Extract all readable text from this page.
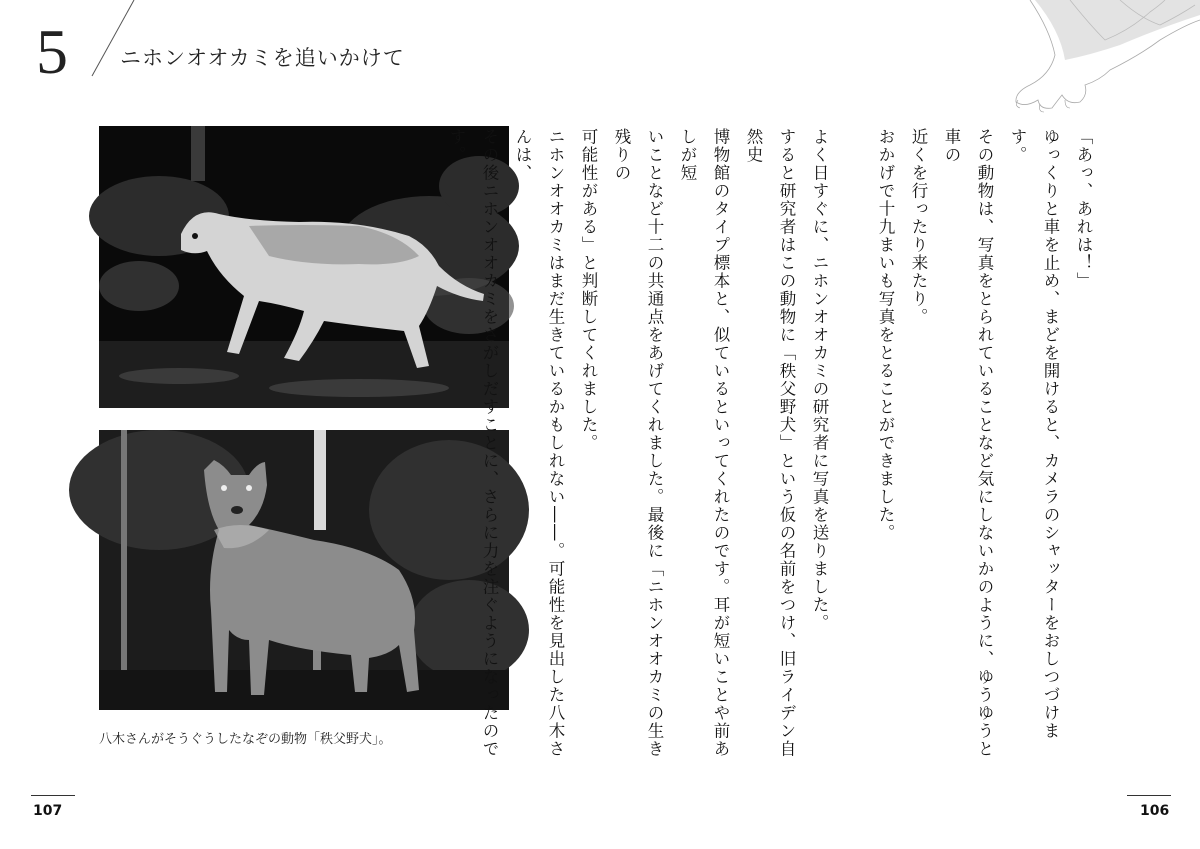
5 ニホンオオカミを追いかけて
八木さんがそうぐうしたなぞの動物「秩父野犬」。

「あっ、あれは！」

ゆっくりと車を止め、まどを開けると、カメラのシャッターをおしつづけます。

その動物は、写真をとられていることなど気にしないかのように、ゆうゆうと車の

近くを行ったり来たり。

おかげで十九まいも写真をとることができました。

よく日すぐに、ニホンオオカミの研究者に写真を送りました。

すると研究者はこの動物に「秩父野犬」という仮の名前をつけ、旧ライデン自然史

博物館のタイプ標本と、似ているといってくれたのです。耳が短いことや前あしが短

いことなど十二の共通点をあげてくれました。最後に「ニホンオオカミの生き残りの

可能性がある」と判断してくれました。

ニホンオオカミはまだ生きているかもしれない――。可能性を見出した八木さんは、

その後ニホンオオカミをさがしだすことに、さらに力を注ぐようになったのです。

107	106
